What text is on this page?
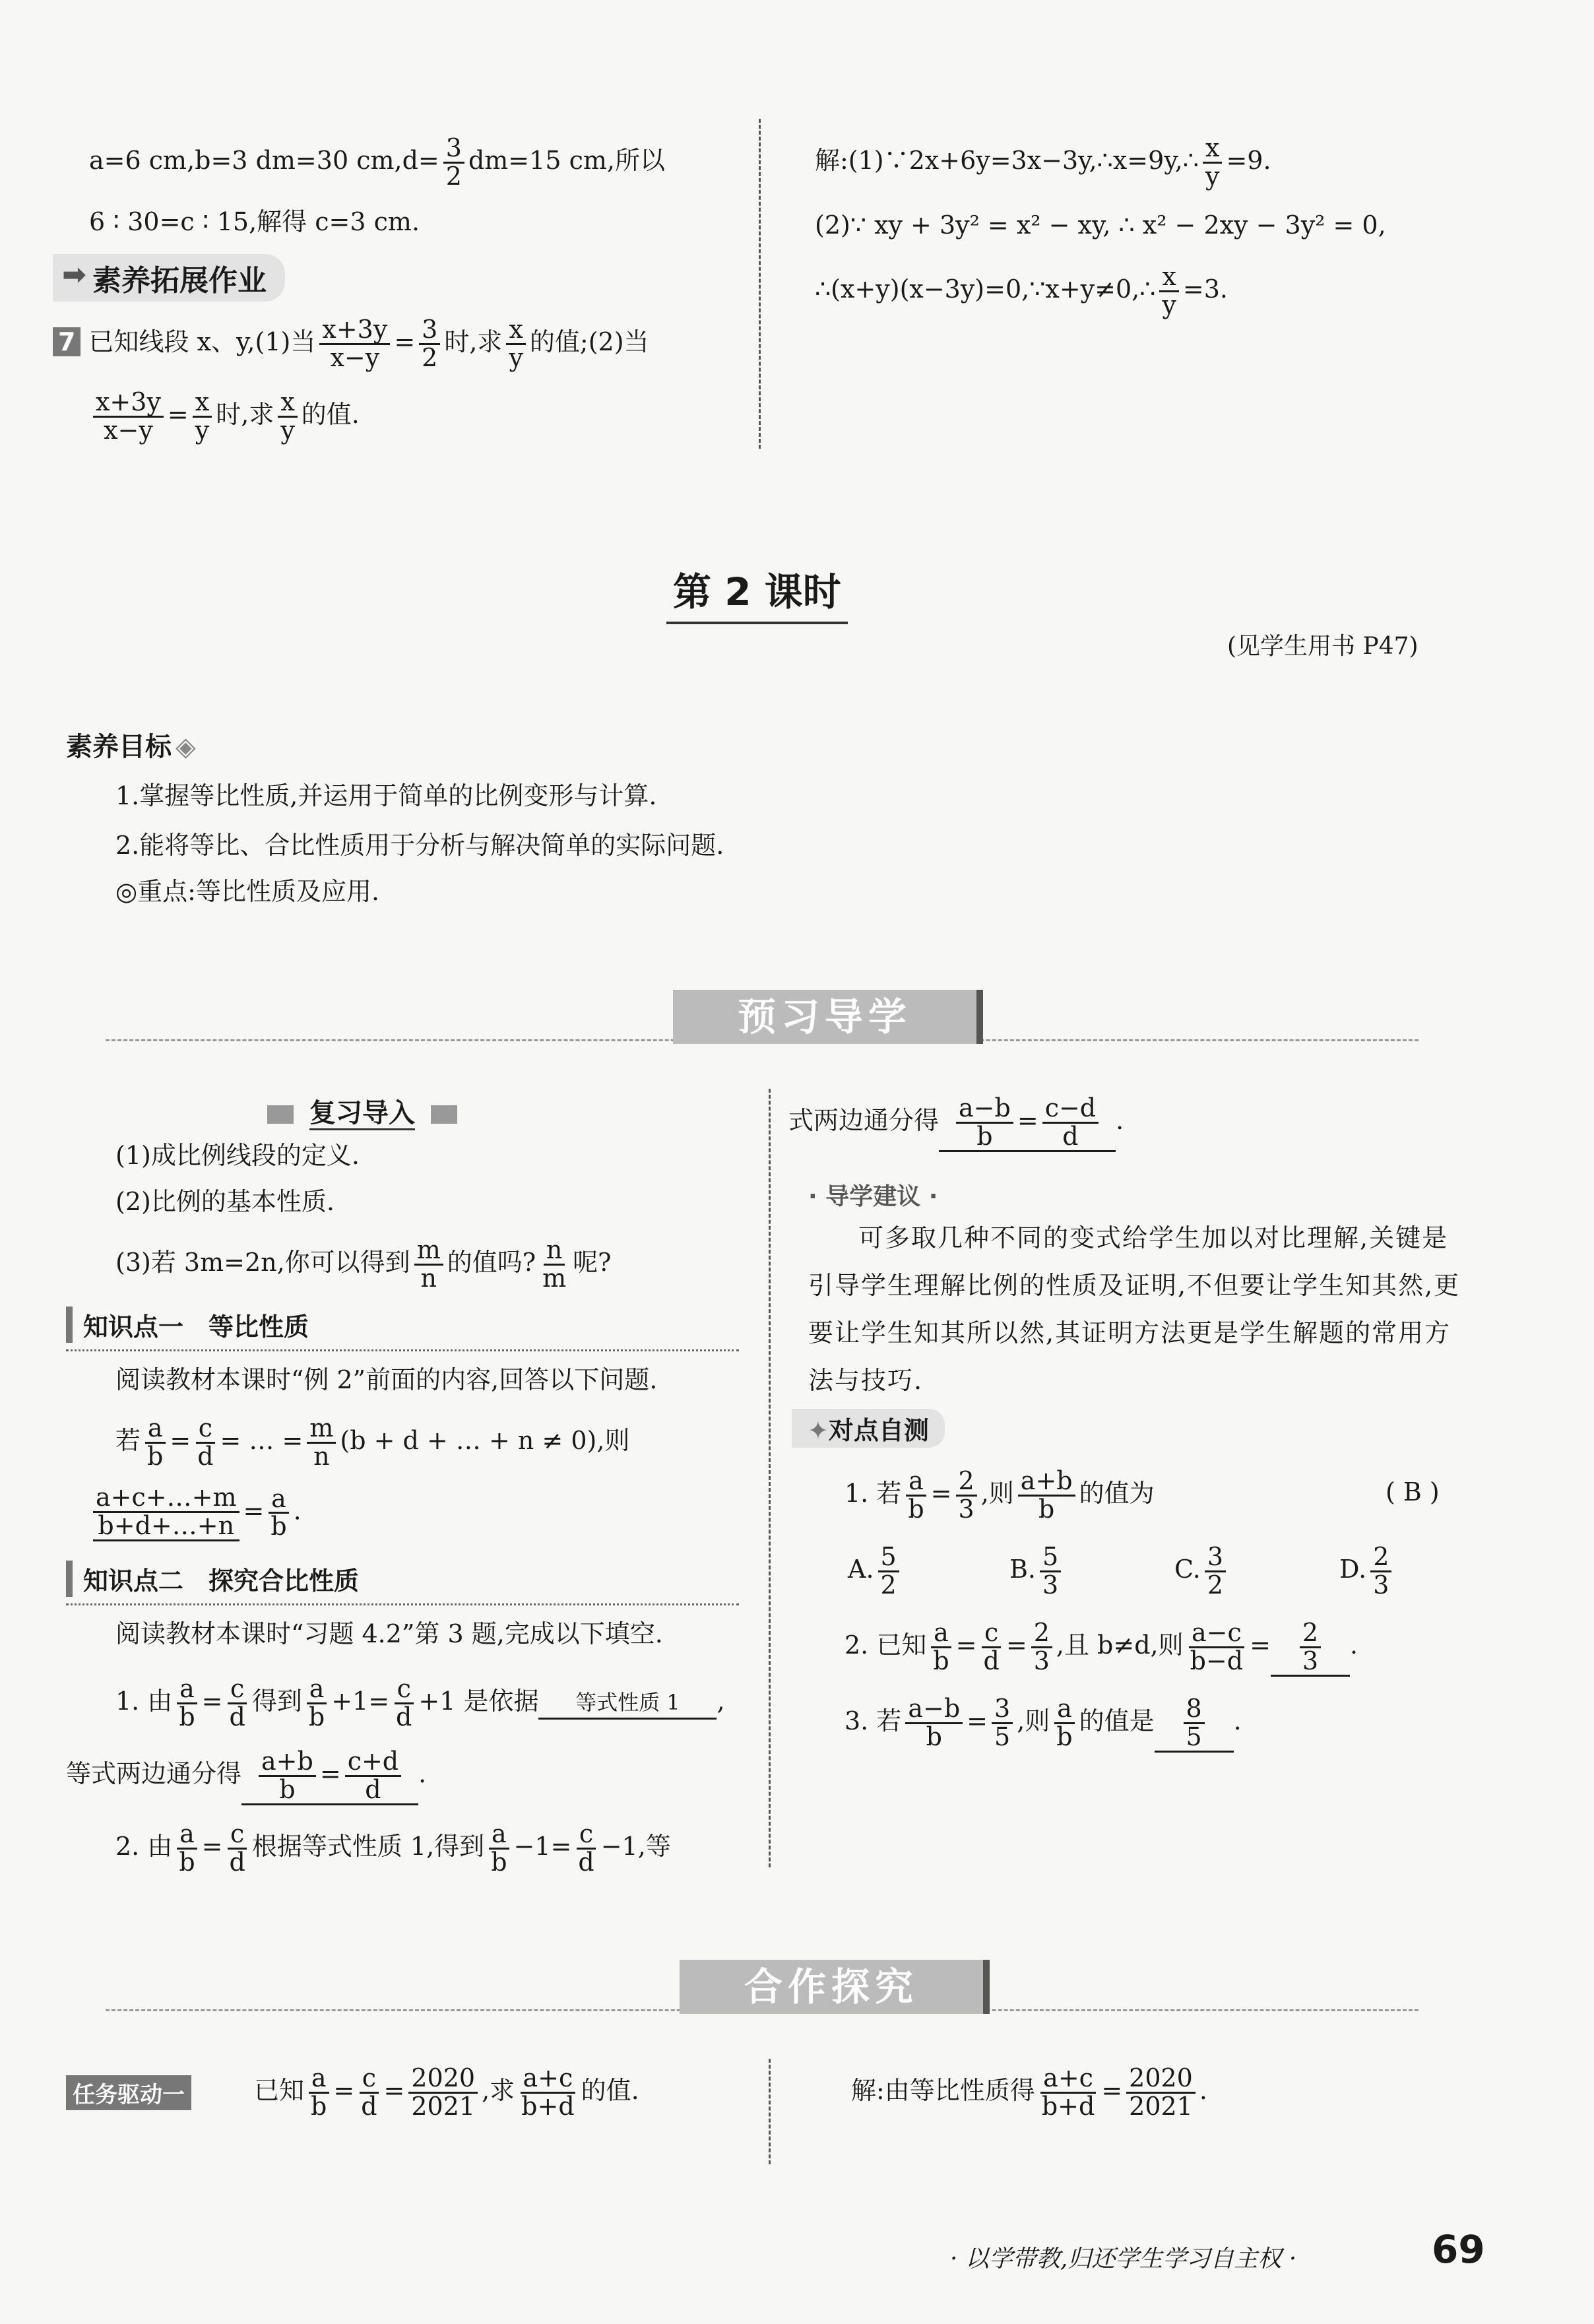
a=6 cm,b=3 dm=30 $cm,d= \frac{3}{2} dm=15$ cm,所以
6 ∶ 30=c ∶ 15,解得 c=3 cm.
➡ 素养拓展作业
7 已知线段 x、y,(1)当 $\frac{x+3y}{x-y} = \frac{3}{2}$ 时,求 $\frac{x}{y}$ 的值;(2)当
$\frac{x+3y}{x-y} = \frac{x}{y}$ 时,求 $\frac{x}{y}$ 的值.
解:(1)∵2x+6y=3x−3y,∴x=9y,∴ $\frac{x}{y} =9$.
(2)∵ xy + 3y² = x² − xy, ∴ x² − 2xy − 3y² = 0,
∴(x+y)(x−3y)=0,∵x+y≠0,∴ $\frac{x}{y} =3$.
第 2 课时
(见学生用书 P47)
素养目标 ◈
1.掌握等比性质,并运用于简单的比例变形与计算.
2.能将等比、合比性质用于分析与解决简单的实际问题.
◎重点:等比性质及应用.
预习导学
复习导入
(1)成比例线段的定义.
(2)比例的基本性质.
(3)若 3m=2n,你可以得到 $\frac{m}{n}$ 的值吗? $\frac{n}{m}$ 呢?
知识点一　等比性质
阅读教材本课时“例 2”前面的内容,回答以下问题.
若 $\frac{a}{b} = \frac{c}{d}$ = … = $\frac{m}{n} (b + d$ + … + n ≠ 0),则
$\frac{a+c+\dots+m}{b+d+\dots+n} = \frac{a}{b}$ .
知识点二　探究合比性质
阅读教材本课时“习题 4.2”第 3 题,完成以下填空.
1. 由 $\frac{a}{b} = \frac{c}{d}$ 得到 $\frac{a}{b} +1= \frac{c}{d} +1$ 是依据 等式性质 1 ,
等式两边通分得 $\frac{a+b}{b} = \frac{c+d}{d}$ .
2. 由 $\frac{a}{b} = \frac{c}{d}$ 根据等式性质 1,得到 $\frac{a}{b} -1= \frac{c}{d} -1$,等
式两边通分得 $\frac{a-b}{b} = \frac{c-d}{d}$ .
· 导学建议 ·
可多取几种不同的变式给学生加以对比理解,关键是引导学生理解比例的性质及证明,不但要让学生知其然,更要让学生知其所以然,其证明方法更是学生解题的常用方法与技巧.
✦对点自测
1. 若 $\frac{a}{b} = \frac{2}{3}$ ,则 $\frac{a+b}{b}$ 的值为	( B )
A. $\frac{5}{2}$	B. $\frac{5}{3}$	C. $\frac{3}{2}$	D. $\frac{2}{3}$
2. 已知 $\frac{a}{b} = \frac{c}{d} = \frac{2}{3}$ ,且 b≠d,则 $\frac{a-c}{b-d} = \frac{2}{3}$ .
3. 若 $\frac{a-b}{b} = \frac{3}{5}$ ,则 $\frac{a}{b}$ 的值是 $\frac{8}{5}$ .
合作探究
任务驱动一	已知 $\frac{a}{b} = \frac{c}{d} = \frac{2020}{2021}$ ,求 $\frac{a+c}{b+d}$ 的值.	解:由等比性质得 $\frac{a+c}{b+d} = \frac{2020}{2021}$ .
· 以学带教,归还学生学习自主权 ·	69
